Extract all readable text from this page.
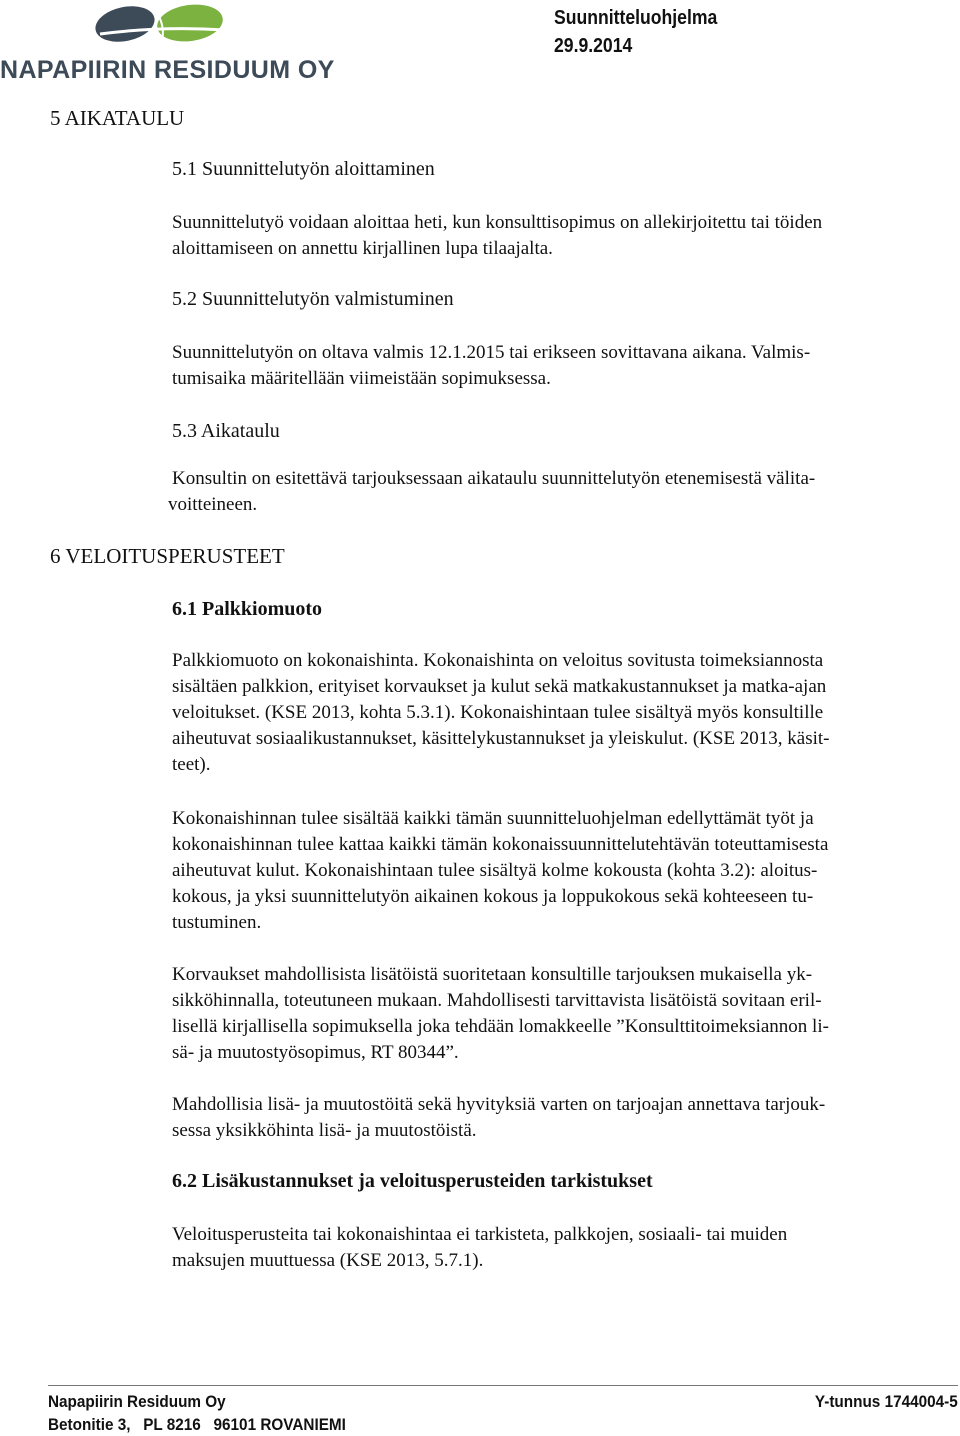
NAPAPIIRIN RESIDUUM OY
Suunnitteluohjelma
29.9.2014
5 AIKATAULU
5.1 Suunnittelutyön aloittaminen
Suunnittelutyö voidaan aloittaa heti, kun konsulttisopimus on allekirjoitettu tai töiden
aloittamiseen on annettu kirjallinen lupa tilaajalta.
5.2 Suunnittelutyön valmistuminen
Suunnittelutyön on oltava valmis 12.1.2015 tai erikseen sovittavana aikana. Valmis-
tumisaika määritellään viimeistään sopimuksessa.
5.3 Aikataulu
Konsultin on esitettävä tarjouksessaan aikataulu suunnittelutyön etenemisestä välita-
voitteineen.
6 VELOITUSPERUSTEET
6.1 Palkkiomuoto
Palkkiomuoto on kokonaishinta. Kokonaishinta on veloitus sovitusta toimeksiannosta
sisältäen palkkion, erityiset korvaukset ja kulut sekä matkakustannukset ja matka-ajan
veloitukset. (KSE 2013, kohta 5.3.1). Kokonaishintaan tulee sisältyä myös konsultille
aiheutuvat sosiaalikustannukset, käsittelykustannukset ja yleiskulut. (KSE 2013, käsit-
teet).
Kokonaishinnan tulee sisältää kaikki tämän suunnitteluohjelman edellyttämät työt ja
kokonaishinnan tulee kattaa kaikki tämän kokonaissuunnittelutehtävän toteuttamisesta
aiheutuvat kulut. Kokonaishintaan tulee sisältyä kolme kokousta (kohta 3.2): aloitus-
kokous, ja yksi suunnittelutyön aikainen kokous ja loppukokous sekä kohteeseen tu-
tustuminen.
Korvaukset mahdollisista lisätöistä suoritetaan konsultille tarjouksen mukaisella yk-
sikköhinnalla, toteutuneen mukaan. Mahdollisesti tarvittavista lisätöistä sovitaan eril-
lisellä kirjallisella sopimuksella joka tehdään lomakkeelle ”Konsulttitoimeksiannon li-
sä- ja muutostyösopimus, RT 80344”.
Mahdollisia lisä- ja muutostöitä sekä hyvityksiä varten on tarjoajan annettava tarjouk-
sessa yksikköhinta lisä- ja muutostöistä.
6.2 Lisäkustannukset ja veloitusperusteiden tarkistukset
Veloitusperusteita tai kokonaishintaa ei tarkisteta, palkkojen, sosiaali- tai muiden
maksujen muuttuessa (KSE 2013, 5.7.1).
Napapiirin Residuum Oy	Y-tunnus 1744004-5
Betonitie 3,   PL 8216   96101 ROVANIEMI
